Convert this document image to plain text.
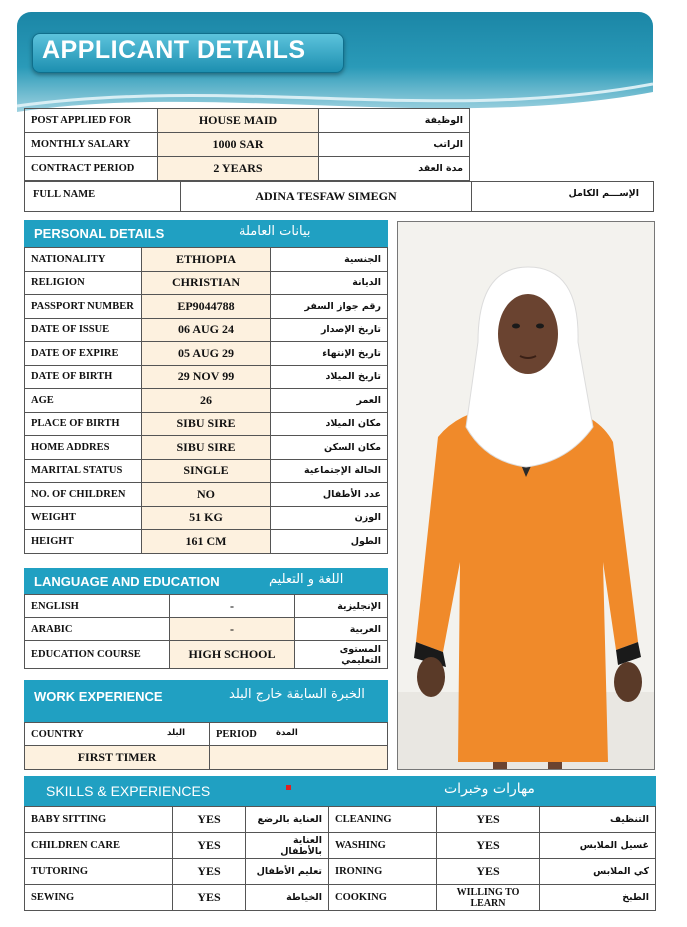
APPLICANT DETAILS
POST APPLIED FOR	HOUSE MAID	الوظيفة
MONTHLY SALARY	1000 SAR	الراتب
CONTRACT PERIOD	2 YEARS	مدة العقد
FULL NAME	ADINA TESFAW SIMEGN	الإســـم الكامل
PERSONAL DETAILS	بيانات العاملة
NATIONALITY	ETHIOPIA	الجنسية
RELIGION	CHRISTIAN	الديانة
PASSPORT NUMBER	EP9044788	رقم جواز السفر
DATE OF ISSUE	06 AUG 24	تاريخ الإصدار
DATE OF EXPIRE	05 AUG 29	تاريخ الإنتهاء
DATE OF BIRTH	29 NOV 99	تاريخ الميلاد
AGE	26	العمر
PLACE OF BIRTH	SIBU SIRE	مكان الميلاد
HOME ADDRES	SIBU SIRE	مكان السكن
MARITAL STATUS	SINGLE	الحالة الإجتماعية
NO. OF CHILDREN	NO	عدد الأطفال
WEIGHT	51 KG	الوزن
HEIGHT	161 CM	الطول
LANGUAGE AND EDUCATION	اللغة و التعليم
ENGLISH	-	الإنجليزية
ARABIC	-	العربية
EDUCATION COURSE	HIGH SCHOOL	المستوى التعليمي
WORK EXPERIENCE	الخبرة السابقة خارج البلد
COUNTRY البلد	PERIOD المدة

FIRST TIMER	
SKILLS & EXPERIENCES	مهارات وخبرات
BABY SITTING	YES	العناية بالرضع	CLEANING	YES	التنظيف
CHILDREN CARE	YES	العناية بالأطفال	WASHING	YES	غسيل الملابس
TUTORING	YES	تعليم الأطفال	IRONING	YES	كي الملابس
SEWING	YES	الخياطة	COOKING	WILLING TO LEARN	الطبخ
